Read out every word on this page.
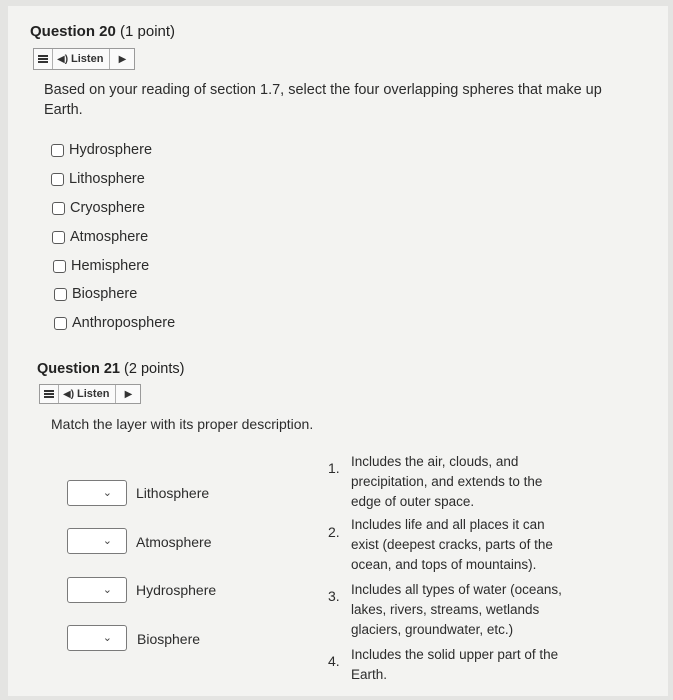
Question 20 (1 point)
◀) Listen	▶
Based on your reading of section 1.7, select the four overlapping spheres that make up Earth.
Hydrosphere
Lithosphere
Cryosphere
Atmosphere
Hemisphere
Biosphere
Anthroposphere
Question 21 (2 points)
◀) Listen	▶
Match the layer with its proper description.
⌄ Lithosphere
⌄ Atmosphere
⌄ Hydrosphere
⌄ Biosphere
1. Includes the air, clouds, and precipitation, and extends to the edge of outer space.
2. Includes life and all places it can exist (deepest cracks, parts of the ocean, and tops of mountains).
3. Includes all types of water (oceans, lakes, rivers, streams, wetlands glaciers, groundwater, etc.)
4. Includes the solid upper part of the Earth.
